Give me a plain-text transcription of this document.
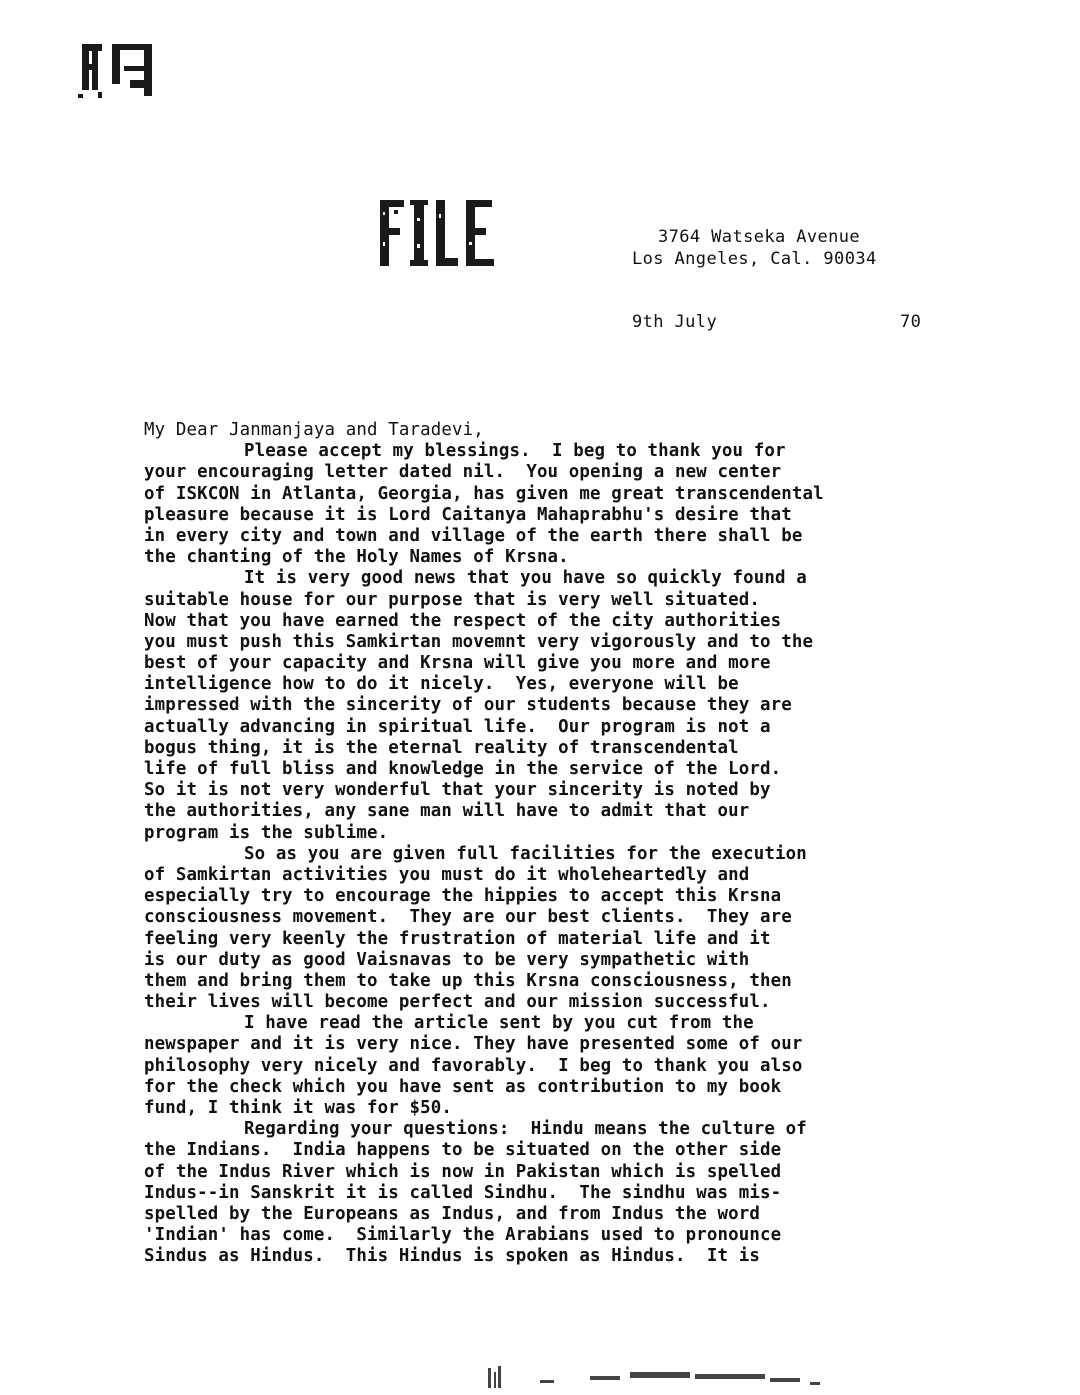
3764 Watseka Avenue
Los Angeles, Cal. 90034
9th July	70
My Dear Janmanjaya and Taradevi,
Please accept my blessings.  I beg to thank you for
your encouraging letter dated nil.  You opening a new center
of ISKCON in Atlanta, Georgia, has given me great transcendental
pleasure because it is Lord Caitanya Mahaprabhu's desire that
in every city and town and village of the earth there shall be
the chanting of the Holy Names of Krsna.
It is very good news that you have so quickly found a
suitable house for our purpose that is very well situated.
Now that you have earned the respect of the city authorities
you must push this Samkirtan movemnt very vigorously and to the
best of your capacity and Krsna will give you more and more
intelligence how to do it nicely.  Yes, everyone will be
impressed with the sincerity of our students because they are
actually advancing in spiritual life.  Our program is not a
bogus thing, it is the eternal reality of transcendental
life of full bliss and knowledge in the service of the Lord.
So it is not very wonderful that your sincerity is noted by
the authorities, any sane man will have to admit that our
program is the sublime.
So as you are given full facilities for the execution
of Samkirtan activities you must do it wholeheartedly and
especially try to encourage the hippies to accept this Krsna
consciousness movement.  They are our best clients.  They are
feeling very keenly the frustration of material life and it
is our duty as good Vaisnavas to be very sympathetic with
them and bring them to take up this Krsna consciousness, then
their lives will become perfect and our mission successful.
I have read the article sent by you cut from the
newspaper and it is very nice. They have presented some of our
philosophy very nicely and favorably.  I beg to thank you also
for the check which you have sent as contribution to my book
fund, I think it was for $50.
Regarding your questions:  Hindu means the culture of
the Indians.  India happens to be situated on the other side
of the Indus River which is now in Pakistan which is spelled
Indus--in Sanskrit it is called Sindhu.  The sindhu was mis-
spelled by the Europeans as Indus, and from Indus the word
'Indian' has come.  Similarly the Arabians used to pronounce
Sindus as Hindus.  This Hindus is spoken as Hindus.  It is
